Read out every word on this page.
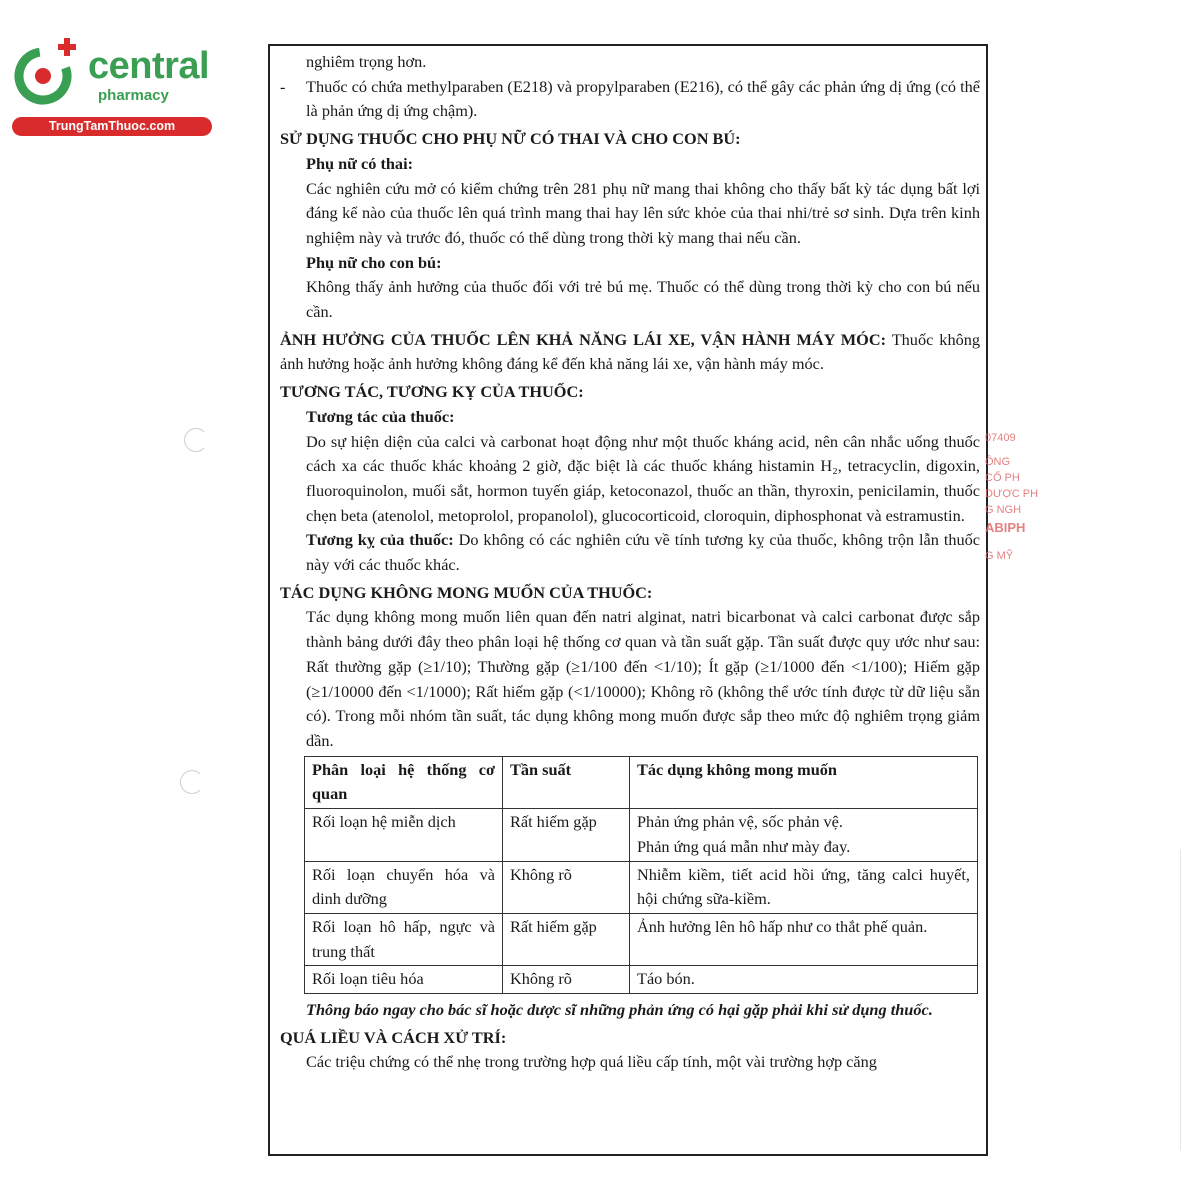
central
pharmacy
TrungTamThuoc.com

nghiêm trọng hơn.

- Thuốc có chứa methylparaben (E218) và propylparaben (E216), có thể gây các phản ứng dị ứng (có thể là phản ứng dị ứng chậm).

SỬ DỤNG THUỐC CHO PHỤ NỮ CÓ THAI VÀ CHO CON BÚ:

Phụ nữ có thai:

Các nghiên cứu mở có kiểm chứng trên 281 phụ nữ mang thai không cho thấy bất kỳ tác dụng bất lợi đáng kể nào của thuốc lên quá trình mang thai hay lên sức khỏe của thai nhi/trẻ sơ sinh. Dựa trên kinh nghiệm này và trước đó, thuốc có thể dùng trong thời kỳ mang thai nếu cần.

Phụ nữ cho con bú:

Không thấy ảnh hưởng của thuốc đối với trẻ bú mẹ. Thuốc có thể dùng trong thời kỳ cho con bú nếu cần.

ẢNH HƯỞNG CỦA THUỐC LÊN KHẢ NĂNG LÁI XE, VẬN HÀNH MÁY MÓC: Thuốc không ảnh hưởng hoặc ảnh hưởng không đáng kể đến khả năng lái xe, vận hành máy móc.

TƯƠNG TÁC, TƯƠNG KỴ CỦA THUỐC:

Tương tác của thuốc:

Do sự hiện diện của calci và carbonat hoạt động như một thuốc kháng acid, nên cân nhắc uống thuốc cách xa các thuốc khác khoảng 2 giờ, đặc biệt là các thuốc kháng histamin H₂, tetracyclin, digoxin, fluoroquinolon, muối sắt, hormon tuyến giáp, ketoconazol, thuốc an thần, thyroxin, penicilamin, thuốc chẹn beta (atenolol, metoprolol, propanolol), glucocorticoid, cloroquin, diphosphonat và estramustin.

Tương kỵ của thuốc: Do không có các nghiên cứu về tính tương kỵ của thuốc, không trộn lẫn thuốc này với các thuốc khác.

TÁC DỤNG KHÔNG MONG MUỐN CỦA THUỐC:

Tác dụng không mong muốn liên quan đến natri alginat, natri bicarbonat và calci carbonat được sắp thành bảng dưới đây theo phân loại hệ thống cơ quan và tần suất gặp. Tần suất được quy ước như sau: Rất thường gặp (≥1/10); Thường gặp (≥1/100 đến <1/10); Ít gặp (≥1/1000 đến <1/100); Hiếm gặp (≥1/10000 đến <1/1000); Rất hiếm gặp (<1/10000); Không rõ (không thể ước tính được từ dữ liệu sẵn có). Trong mỗi nhóm tần suất, tác dụng không mong muốn được sắp theo mức độ nghiêm trọng giảm dần.

Phân loại hệ thống cơ quan	Tần suất	Tác dụng không mong muốn
Rối loạn hệ miễn dịch	Rất hiếm gặp	Phản ứng phản vệ, sốc phản vệ.
Phản ứng quá mẫn như mày đay.

Rối loạn chuyển hóa và dinh dưỡng	Không rõ	Nhiễm kiềm, tiết acid hồi ứng, tăng calci huyết, hội chứng sữa-kiềm.
Rối loạn hô hấp, ngực và trung thất	Rất hiếm gặp	Ảnh hưởng lên hô hấp như co thắt phế quản.
Rối loạn tiêu hóa	Không rõ	Táo bón.

Thông báo ngay cho bác sĩ hoặc dược sĩ những phản ứng có hại gặp phải khi sử dụng thuốc.

QUÁ LIỀU VÀ CÁCH XỬ TRÍ:

Các triệu chứng có thể nhẹ trong trường hợp quá liều cấp tính, một vài trường hợp căng

07409
ÔNG
CỔ PH
DƯỢC PH
G NGH
ABIPH
G MỸ
